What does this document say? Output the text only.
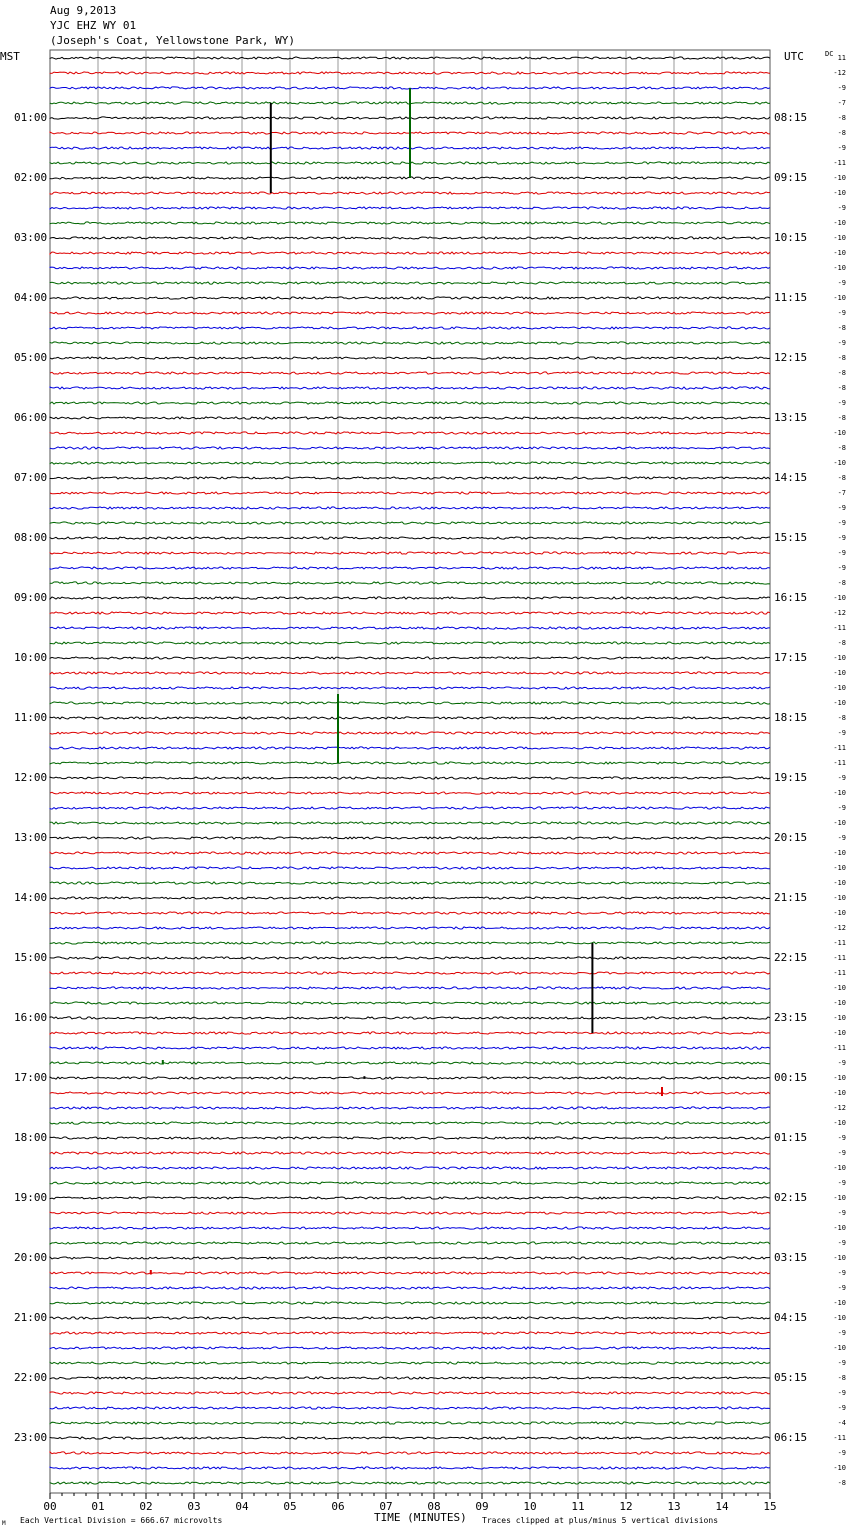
Aug 9,2013
YJC EHZ WY 01
(Joseph's Coat, Yellowstone Park, WY)
MST	UTC	DC
00	01	02	03	04	05	06	07	08	09	10	11	12	13	14	15
11
-12
-9
-7
01:00	08:15	-8
-8
-9
-11
02:00	09:15	-10
-10
-9
-10
03:00	10:15	-10
-10
-10
-9
04:00	11:15	-10
-9
-8
-9
05:00	12:15	-8
-8
-8
-9
06:00	13:15	-8
-10
-8
-10
07:00	14:15	-8
-7
-9
-9
08:00	15:15	-9
-9
-9
-8
09:00	16:15	-10
-12
-11
-8
10:00	17:15	-10
-10
-10
-10
11:00	18:15	-8
-9
-11
-11
12:00	19:15	-9
-10
-9
-10
13:00	20:15	-9
-10
-10
-10
14:00	21:15	-10
-10
-12
-11
15:00	22:15	-11
-11
-10
-10
16:00	23:15	-10
-10
-11
-9
17:00	00:15	-10
-10
-12
-10
18:00	01:15	-9
-9
-10
-9
19:00	02:15	-10
-9
-10
-9
20:00	03:15	-10
-9
-9
-10
21:00	04:15	-10
-9
-10
-9
22:00	05:15	-8
-9
-9
-4
23:00	06:15	-11
-9
-10
-8
M Each Vertical Division = 666.67 microvolts	TIME (MINUTES) Traces clipped at plus/minus 5 vertical divisions
